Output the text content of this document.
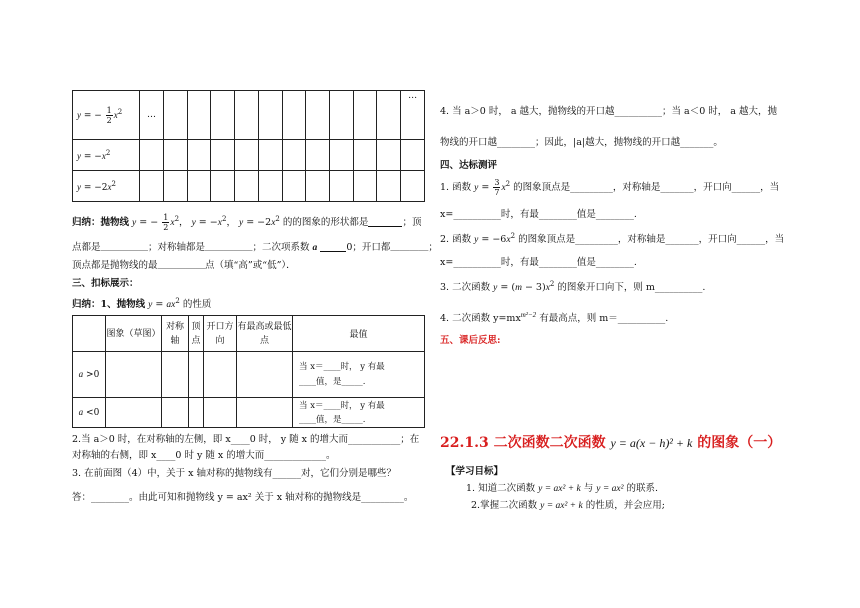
y = − $\frac{1}{2} x^2$	…											…
$y = -x^2$												
$y = -2x^2$												
归纳：抛物线 y = − $\frac{1}{2} x^2$， $y = -x^2$， $y = -2x^2$ 的的图象的形状都是	；顶
点都是＿＿＿＿＿；对称轴都是＿＿＿＿＿；二次项系数 a	0；开口都＿＿＿＿；
顶点都是抛物线的最＿＿＿＿＿点（填“高”或“低”）．
三、扣标展示：
归纳：1、抛物线 $y = ax^2$ 的性质
	图象（草图）	对称轴	顶点	开口方向	有最高或最低点	最值
a >0						当 x＝____时， y 有最
____值，是_____.

a <0						当 x＝____时， y 有最
____值，是_____.
2.当 a＞0 时，在对称轴的左侧，即 x____0 时， y 随 x 的增大而___________；在
对称轴的右侧，即 x____0 时 y 随 x 的增大而_____________。
3. 在前面图（4）中，关于 x 轴对称的抛物线有______对，它们分别是哪些？
答：________。由此可知和抛物线 y = ax² 关于 x 轴对称的抛物线是_________。
4. 当 a＞0 时， a 越大，抛物线的开口越__________；当 a＜0 时， a 越大，抛
物线的开口越________；因此，|a|越大，抛物线的开口越_______。
四、达标测评
1. 函数 $y = \frac{3}{7} x^2$ 的图象顶点是_________，对称轴是_______，开口向______，当
x=__________时，有最________值是________.
2. 函数 $y = -6x^2$ 的图象顶点是_________，对称轴是_______，开口向______，当
x=__________时，有最________值是________.
3. 二次函数 $y = (m - 3)x^2$ 的图象开口向下，则 m__________.
4. 二次函数 $y=mx^{m^2-2}$ 有最高点，则 m＝__________.
五、课后反思:
22.1.3 二次函数二次函数 y = a(x − h)² + k 的图象（一）
【学习目标】
1. 知道二次函数 y = ax² + k 与 y = ax² 的联系.
2.掌握二次函数 y = ax² + k 的性质，并会应用;
